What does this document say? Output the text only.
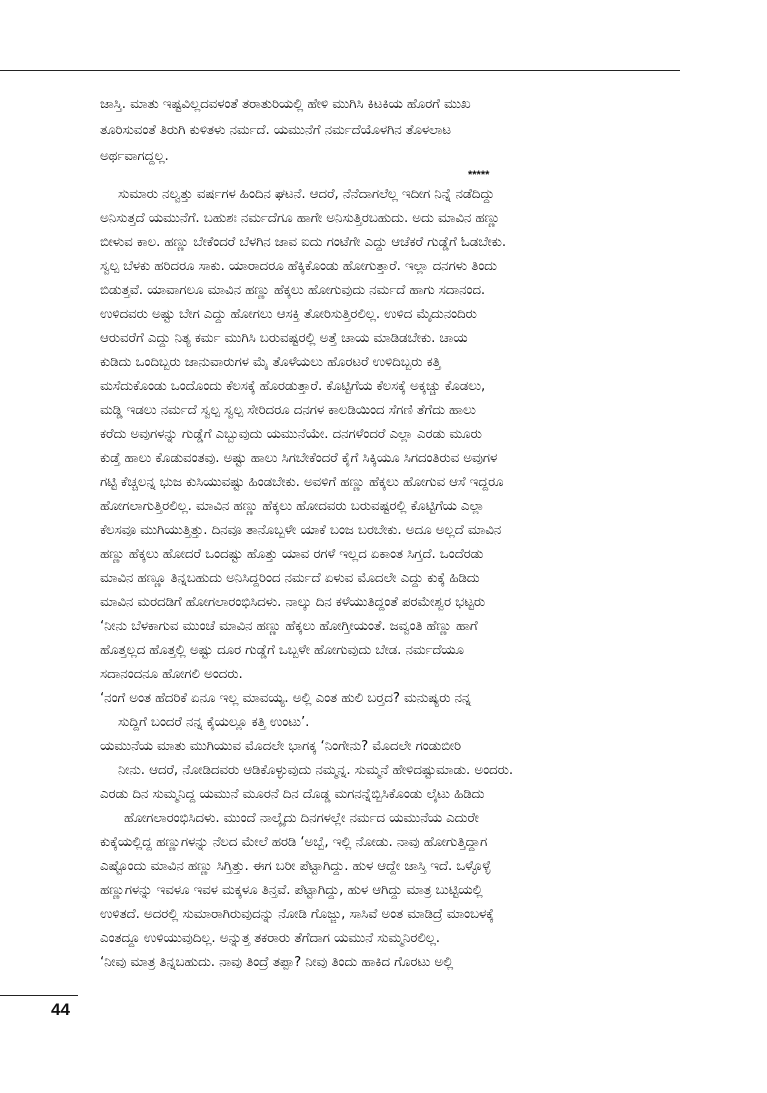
ಜಾಸ್ತಿ. ಮಾತು ಇಷ್ಟವಿಲ್ಲದವಳಂತೆ ತರಾತುರಿಯಲ್ಲಿ ಹೇಳಿ ಮುಗಿಸಿ ಕಿಟಕಿಯ ಹೊರಗೆ ಮುಖ
ತೂರಿಸುವಂತೆ ತಿರುಗಿ ಕುಳಿತಳು ನರ್ಮದೆ. ಯಮುನೆಗೆ ನರ್ಮದೆಯೊಳಗಿನ ತೊಳಲಾಟ
ಅರ್ಥವಾಗದ್ದಲ್ಲ.
*****
ಸುಮಾರು ನಲ್ವತ್ತು ವರ್ಷಗಳ ಹಿಂದಿನ ಘಟನೆ. ಆದರೆ, ನೆನೆದಾಗಲೆಲ್ಲ ಇದೀಗ ನಿನ್ನೆ ನಡೆದಿದ್ದು
ಅನಿಸುತ್ತದೆ ಯಮುನೆಗೆ. ಬಹುಶಃ ನರ್ಮದೆಗೂ ಹಾಗೇ ಅನಿಸುತ್ತಿರಬಹುದು. ಅದು ಮಾವಿನ ಹಣ್ಣು
ಬೀಳುವ ಕಾಲ. ಹಣ್ಣು ಬೇಕೆಂದರೆ ಬೆಳಗಿನ ಜಾವ ಐದು ಗಂಟೆಗೇ ಎದ್ದು ಆಚೆಕರೆ ಗುಡ್ಡೆಗೆ ಓಡಬೇಕು.
ಸ್ವಲ್ಪ ಬೆಳಕು ಹರಿದರೂ ಸಾಕು. ಯಾರಾದರೂ ಹೆಕ್ಕಿಕೊಂಡು ಹೋಗುತ್ತಾರೆ. ಇಲ್ಲಾ ದನಗಳು ತಿಂದು
ಬಿಡುತ್ತವೆ. ಯಾವಾಗಲೂ ಮಾವಿನ ಹಣ್ಣು ಹೆಕ್ಕಲು ಹೋಗುವುದು ನರ್ಮದೆ ಹಾಗು ಸದಾನಂದ.
ಉಳಿದವರು ಅಷ್ಟು ಬೇಗ ಎದ್ದು ಹೋಗಲು ಆಸಕ್ತಿ ತೋರಿಸುತ್ತಿರಲಿಲ್ಲ. ಉಳಿದ ಮೈದುನಂದಿರು
ಆರುವರೆಗೆ ಎದ್ದು ನಿತ್ಯ ಕರ್ಮ ಮುಗಿಸಿ ಬರುವಷ್ಟರಲ್ಲಿ ಅತ್ತೆ ಚಾಯ ಮಾಡಿಡಬೇಕು. ಚಾಯ
ಕುಡಿದು ಒಂದಿಬ್ಬರು ಜಾನುವಾರುಗಳ ಮೈ ತೊಳೆಯಲು ಹೊರಟರೆ ಉಳಿದಿಬ್ಬರು ಕತ್ತಿ
ಮಸೆದುಕೊಂಡು ಒಂದೊಂದು ಕೆಲಸಕ್ಕೆ ಹೊರಡುತ್ತಾರೆ. ಕೊಟ್ಟಿಗೆಯ ಕೆಲಸಕ್ಕೆ ಅಕ್ಕಚ್ಚು ಕೊಡಲು,
ಮಡ್ಡಿ ಇಡಲು ನರ್ಮದೆ ಸ್ವಲ್ಪ ಸ್ವಲ್ಪ ಸೇರಿದರೂ ದನಗಳ ಕಾಲಡಿಯಿಂದ ಸೆಗಣಿ ತೆಗೆದು ಹಾಲು
ಕರೆದು ಅವುಗಳನ್ನು ಗುಡ್ಡೆಗೆ ಎಬ್ಬುವುದು ಯಮುನೆಯೇ. ದನಗಳೆಂದರೆ ಎಲ್ಲಾ ಎರಡು ಮೂರು
ಕುಡ್ತೆ ಹಾಲು ಕೊಡುವಂತವು. ಅಷ್ಟು ಹಾಲು ಸಿಗಬೇಕೆಂದರೆ ಕೈಗೆ ಸಿಕ್ಕಿಯೂ ಸಿಗದಂತಿರುವ ಅವುಗಳ
ಗಟ್ಟಿ ಕೆಚ್ಚಲನ್ನ ಭುಜ ಕುಸಿಯುವಷ್ಟು ಹಿಂಡಬೇಕು. ಅವಳಿಗೆ ಹಣ್ಣು ಹೆಕ್ಕಲು ಹೋಗುವ ಆಸೆ ಇದ್ದರೂ
ಹೋಗಲಾಗುತ್ತಿರಲಿಲ್ಲ. ಮಾವಿನ ಹಣ್ಣು ಹೆಕ್ಕಲು ಹೋದವರು ಬರುವಷ್ಟರಲ್ಲಿ ಕೊಟ್ಟಿಗೆಯ ಎಲ್ಲಾ
ಕೆಲಸವೂ ಮುಗಿಯುತ್ತಿತ್ತು. ದಿನವೂ ತಾನೊಬ್ಬಳೇ ಯಾಕೆ ಬಂಜ ಬರಬೇಕು. ಅದೂ ಅಲ್ಲದೆ ಮಾವಿನ
ಹಣ್ಣು ಹೆಕ್ಕಲು ಹೋದರೆ ಒಂದಷ್ಟು ಹೊತ್ತು ಯಾವ ರಗಳೆ ಇಲ್ಲದ ಏಕಾಂತ ಸಿಗ್ತದೆ. ಒಂದೆರಡು
ಮಾವಿನ ಹಣ್ಣೂ ತಿನ್ನಬಹುದು ಅನಿಸಿದ್ದರಿಂದ ನರ್ಮದೆ ಏಳುವ ಮೊದಲೇ ಎದ್ದು ಕುಕ್ಕೆ ಹಿಡಿದು
ಮಾವಿನ ಮರದಡಿಗೆ ಹೋಗಲಾರಂಭಿಸಿದಳು. ನಾಲ್ಕು ದಿನ ಕಳೆಯುತಿದ್ದಂತೆ ಪರಮೇಶ್ವರ ಭಟ್ಟರು
‘ನೀನು ಬೆಳಕಾಗುವ ಮುಂಚೆ ಮಾವಿನ ಹಣ್ಣು ಹೆಕ್ಕಲು ಹೋಗ್ತೀಯಂತೆ. ಜವ್ವಂತಿ ಹೆಣ್ಣು ಹಾಗೆ
ಹೊತ್ತಲ್ಲದ ಹೊತ್ತಲ್ಲಿ ಅಷ್ಟು ದೂರ ಗುಡ್ಡೆಗೆ ಒಬ್ಬಳೇ ಹೋಗುವುದು ಬೇಡ. ನರ್ಮದೆಯೂ
ಸದಾನಂದನೂ ಹೋಗಲಿ ಅಂದರು.
‘ನಂಗೆ ಅಂತ ಹೆದರಿಕೆ ಏನೂ ಇಲ್ಲ ಮಾವಯ್ಯ. ಅಲ್ಲಿ ಎಂತ ಹುಲಿ ಬರ್‍ತದ? ಮನುಷ್ಯರು ನನ್ನ
ಸುದ್ದಿಗೆ ಬಂದರೆ ನನ್ನ ಕೈಯಲ್ಲೂ ಕತ್ತಿ ಉಂಟು’.
ಯಮುನೆಯ ಮಾತು ಮುಗಿಯುವ ಮೊದಲೇ ಭಾಗಕ್ಕ ‘ನಿಂಗೇನು? ಮೊದಲೇ ಗಂಡುಬೀರಿ
ನೀನು. ಆದರೆ, ನೋಡಿದವರು ಆಡಿಕೊಳ್ಳುವುದು ನಮ್ಮನ್ನ. ಸುಮ್ಮನೆ ಹೇಳಿದಷ್ಟುಮಾಡು. ಅಂದರು.
ಎರಡು ದಿನ ಸುಮ್ಮನಿದ್ದ ಯಮುನೆ ಮೂರನೆ ದಿನ ದೊಡ್ಡ ಮಗನನ್ನೆಬ್ಬಿಸಿಕೊಂಡು ಲೈಟು ಹಿಡಿದು
ಹೋಗಲಾರಂಭಿಸಿದಳು. ಮುಂದೆ ನಾಲ್ಕೈದು ದಿನಗಳಲ್ಲೇ ನರ್ಮದ ಯಮುನೆಯ ಎದುರೇ
ಕುಕ್ಕೆಯಲ್ಲಿದ್ದ ಹಣ್ಣುಗಳನ್ನು ನೆಲದ ಮೇಲೆ ಹರಡಿ ‘ಅಬ್ಬೆ, ಇಲ್ಲಿ ನೋಡು. ನಾವು ಹೋಗುತ್ತಿದ್ದಾಗ
ಎಷ್ಟೊಂದು ಮಾವಿನ ಹಣ್ಣು ಸಿಗ್ತಿತ್ತು. ಈಗ ಬರೀ ಪೆಟ್ಟಾಗಿದ್ದು. ಹುಳ ಆದ್ದೇ ಜಾಸ್ತಿ ಇದೆ. ಒಳ್ಳೊಳ್ಳೆ
ಹಣ್ಣುಗಳನ್ನು ಇವಳೂ ಇವಳ ಮಕ್ಕಳೂ ತಿನ್ತವೆ. ಪೆಟ್ಟಾಗಿದ್ದು, ಹುಳ ಆಗಿದ್ದು ಮಾತ್ರ ಬುಟ್ಟಿಯಲ್ಲಿ
ಉಳಿತದೆ. ಅದರಲ್ಲಿ ಸುಮಾರಾಗಿರುವುದನ್ನು ನೋಡಿ ಗೊಜ್ಜು, ಸಾಸಿವೆ ಅಂತ ಮಾಡಿದ್ರೆ ಮಾಂಬಳಕ್ಕೆ
ಎಂತದ್ದೂ ಉಳಿಯುವುದಿಲ್ಲ. ಅನ್ನುತ್ತ ತಕರಾರು ತೆಗೆದಾಗ ಯಮುನೆ ಸುಮ್ಮನಿರಲಿಲ್ಲ.
‘ನೀವು ಮಾತ್ರ ತಿನ್ನಬಹುದು. ನಾವು ತಿಂದ್ರೆ ತಪ್ಪಾ? ನೀವು ತಿಂದು ಹಾಕಿದ ಗೊರಟು ಅಲ್ಲಿ
44
